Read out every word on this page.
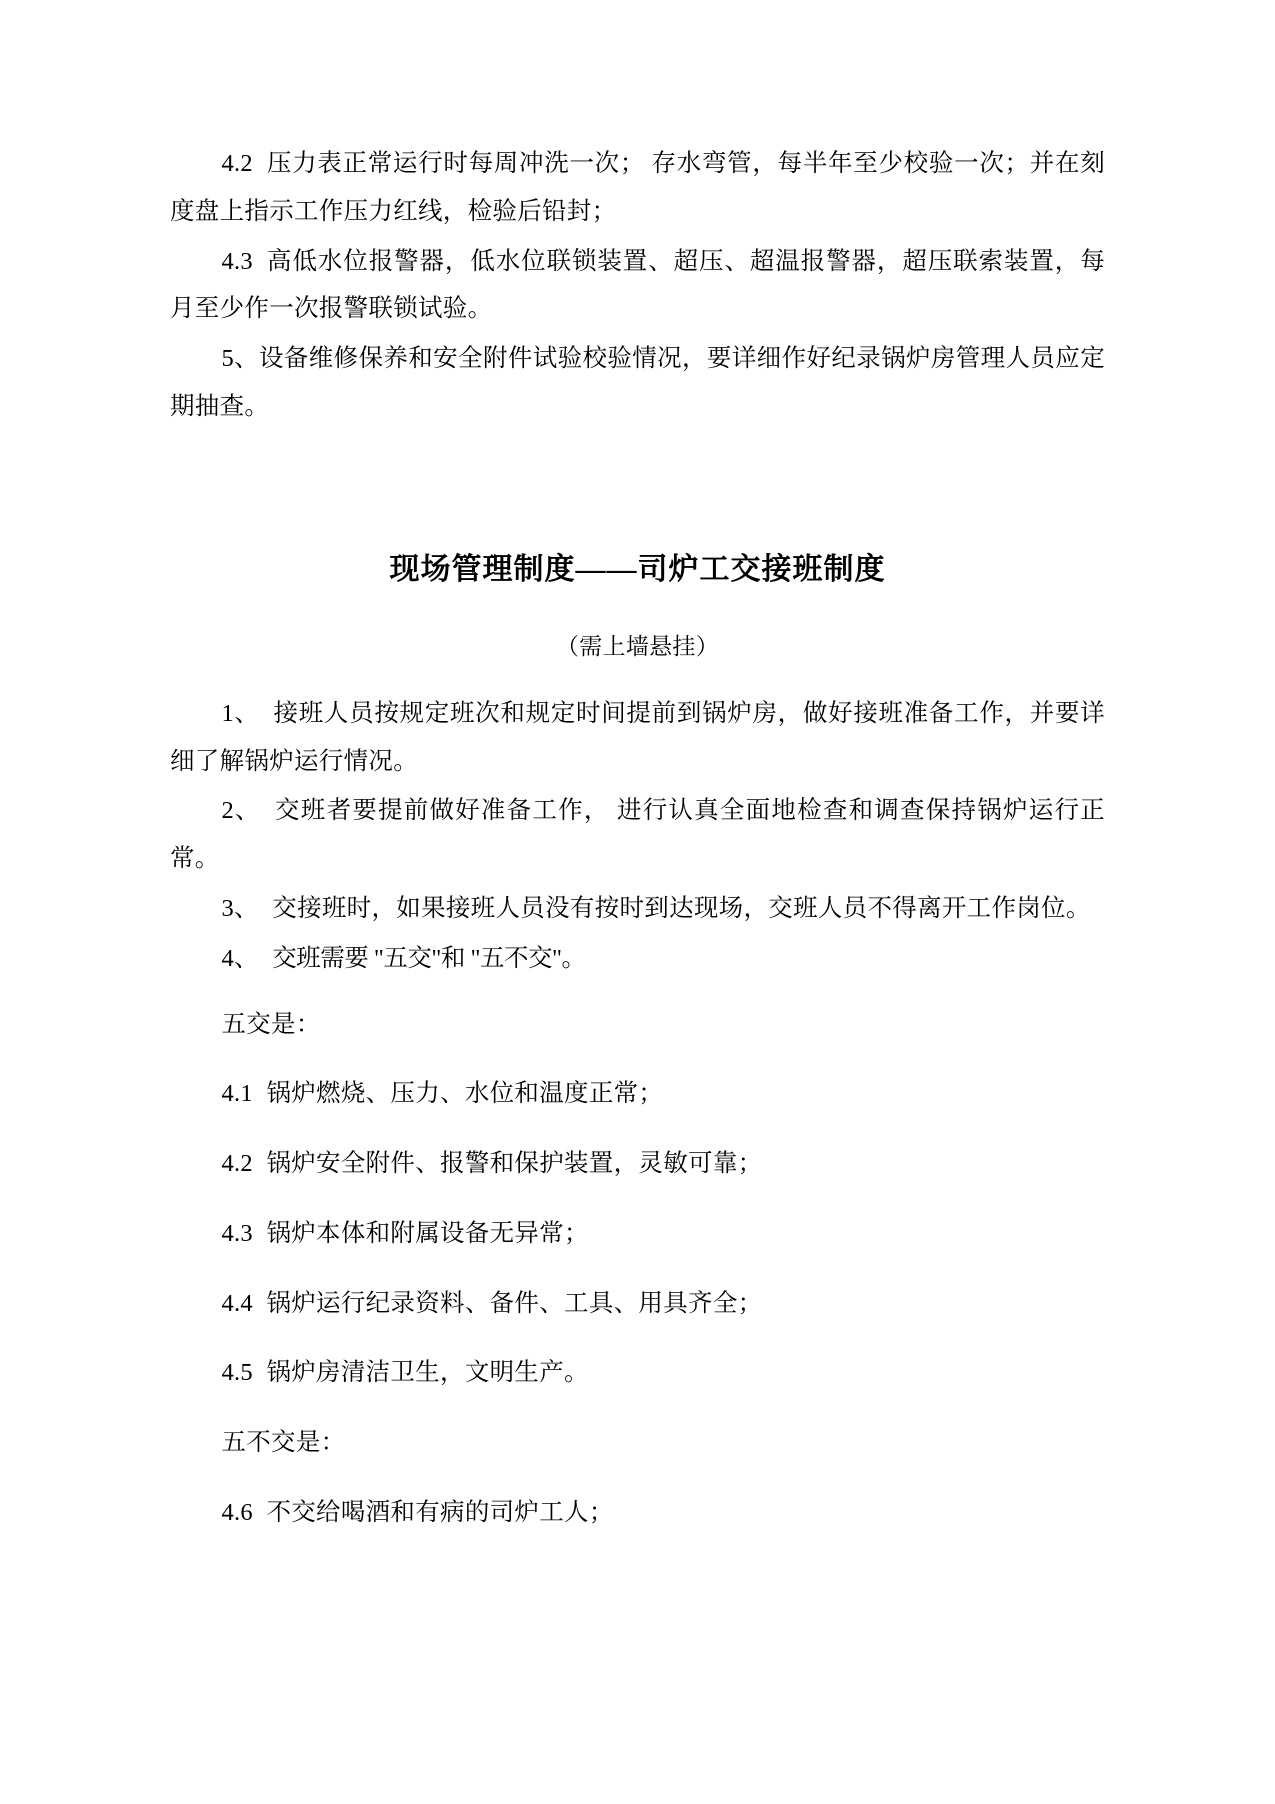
4.2 压力表正常运行时每周冲洗一次； 存水弯管，每半年至少校验一次；并在刻度盘上指示工作压力红线，检验后铅封；

4.3 高低水位报警器，低水位联锁装置、超压、超温报警器，超压联索装置，每月至少作一次报警联锁试验。

5、设备维修保养和安全附件试验校验情况，要详细作好纪录锅炉房管理人员应定期抽查。

现场管理制度——司炉工交接班制度

（需上墙悬挂）

1、 接班人员按规定班次和规定时间提前到锅炉房，做好接班准备工作，并要详细了解锅炉运行情况。

2、 交班者要提前做好准备工作， 进行认真全面地检查和调查保持锅炉运行正常。

3、 交接班时，如果接班人员没有按时到达现场，交班人员不得离开工作岗位。

4、 交班需要 "五交"和 "五不交"。

五交是：

4.1 锅炉燃烧、压力、水位和温度正常；

4.2 锅炉安全附件、报警和保护装置，灵敏可靠；

4.3 锅炉本体和附属设备无异常；

4.4 锅炉运行纪录资料、备件、工具、用具齐全；

4.5 锅炉房清洁卫生，文明生产。

五不交是：

4.6 不交给喝酒和有病的司炉工人；
